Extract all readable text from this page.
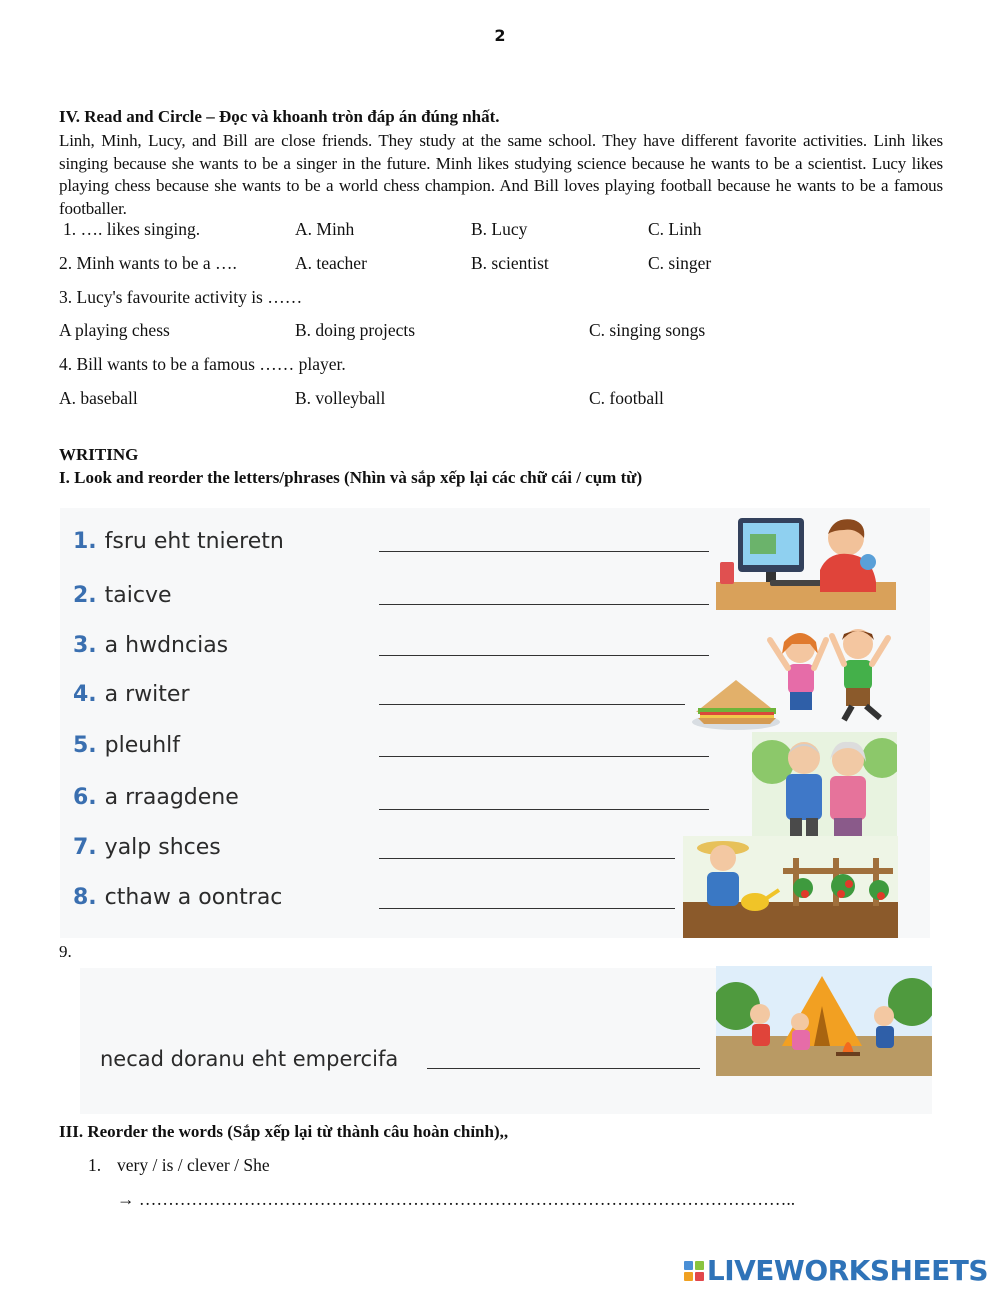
2
IV. Read and Circle – Đọc và khoanh tròn đáp án đúng nhất.
Linh, Minh, Lucy, and Bill are close friends. They study at the same school. They have different favorite activities. Linh likes singing because she wants to be a singer in the future. Minh likes studying science because he wants to be a scientist. Lucy likes playing chess because she wants to be a world chess champion. And Bill loves playing football because he wants to be a famous footballer.
1. …. likes singing.	A. Minh	B. Lucy	C. Linh
2. Minh wants to be a ….	A. teacher	B. scientist	C. singer
3. Lucy's favourite activity is ……
A playing chess	B. doing projects	C. singing songs
4. Bill wants to be a famous …… player.
A. baseball	B. volleyball	C. football
WRITING
I. Look and reorder the letters/phrases (Nhìn và sắp xếp lại các chữ cái / cụm từ)
1. fsru eht tnieretn
2. taicve
3. a hwdncias
4. a rwiter
5. pleuhlf
6. a rraagdene
7. yalp shces
8. cthaw a oontrac
9.
necad doranu eht empercifa
III. Reorder the words (Sắp xếp lại từ thành câu hoàn chỉnh),,
1. very / is / clever / She
→ …………………………………………………………………………………………………..
LIVEWORKSHEETS
